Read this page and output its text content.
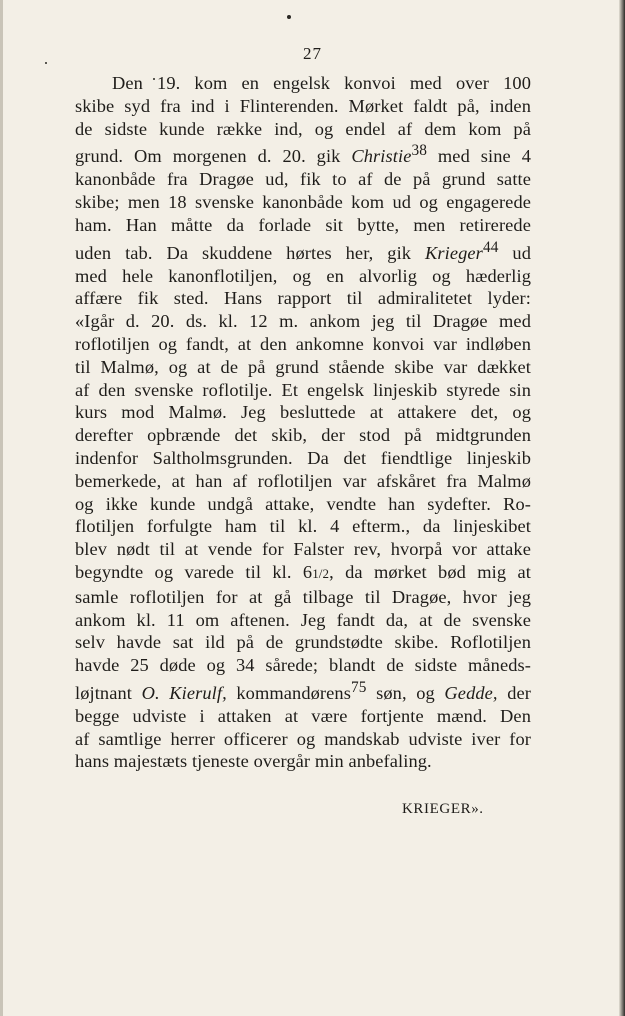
27
Den 19. kom en engelsk konvoi med over 100
skibe syd fra ind i Flinterenden. Mørket faldt på, inden
de sidste kunde række ind, og endel af dem kom på
grund. Om morgenen d. 20. gik Christie$^{38}$ med sine 4
kanonbåde fra Dragøe ud, fik to af de på grund satte
skibe; men 18 svenske kanonbåde kom ud og engagerede
ham. Han måtte da forlade sit bytte, men retirerede
uden tab. Da skuddene hørtes her, gik Krieger$^{44}$ ud
med hele kanonflotiljen, og en alvorlig og hæderlig
affære fik sted. Hans rapport til admiralitetet lyder:
«Igår d. 20. ds. kl. 12 m. ankom jeg til Dragøe med
roflotiljen og fandt, at den ankomne konvoi var indløben
til Malmø, og at de på grund stående skibe var dækket
af den svenske roflotilje. Et engelsk linjeskib styrede sin
kurs mod Malmø. Jeg besluttede at attakere det, og
derefter opbrænde det skib, der stod på midtgrunden
indenfor Saltholmsgrunden. Da det fiendtlige linjeskib
bemerkede, at han af roflotiljen var afskåret fra Malmø
og ikke kunde undgå attake, vendte han sydefter. Ro-
flotiljen forfulgte ham til kl. 4 efterm., da linjeskibet
blev nødt til at vende for Falster rev, hvorpå vor attake
begyndte og varede til kl. 61/2, da mørket bød mig at
samle roflotiljen for at gå tilbage til Dragøe, hvor jeg
ankom kl. 11 om aftenen. Jeg fandt da, at de svenske
selv havde sat ild på de grundstødte skibe. Roflotiljen
havde 25 døde og 34 sårede; blandt de sidste måneds-
løjtnant O. Kierulf, kommandørens$^{75}$ søn, og Gedde, der
begge udviste i attaken at være fortjente mænd. Den
af samtlige herrer officerer og mandskab udviste iver for
hans majestæts tjeneste overgår min anbefaling.
KRIEGER».
